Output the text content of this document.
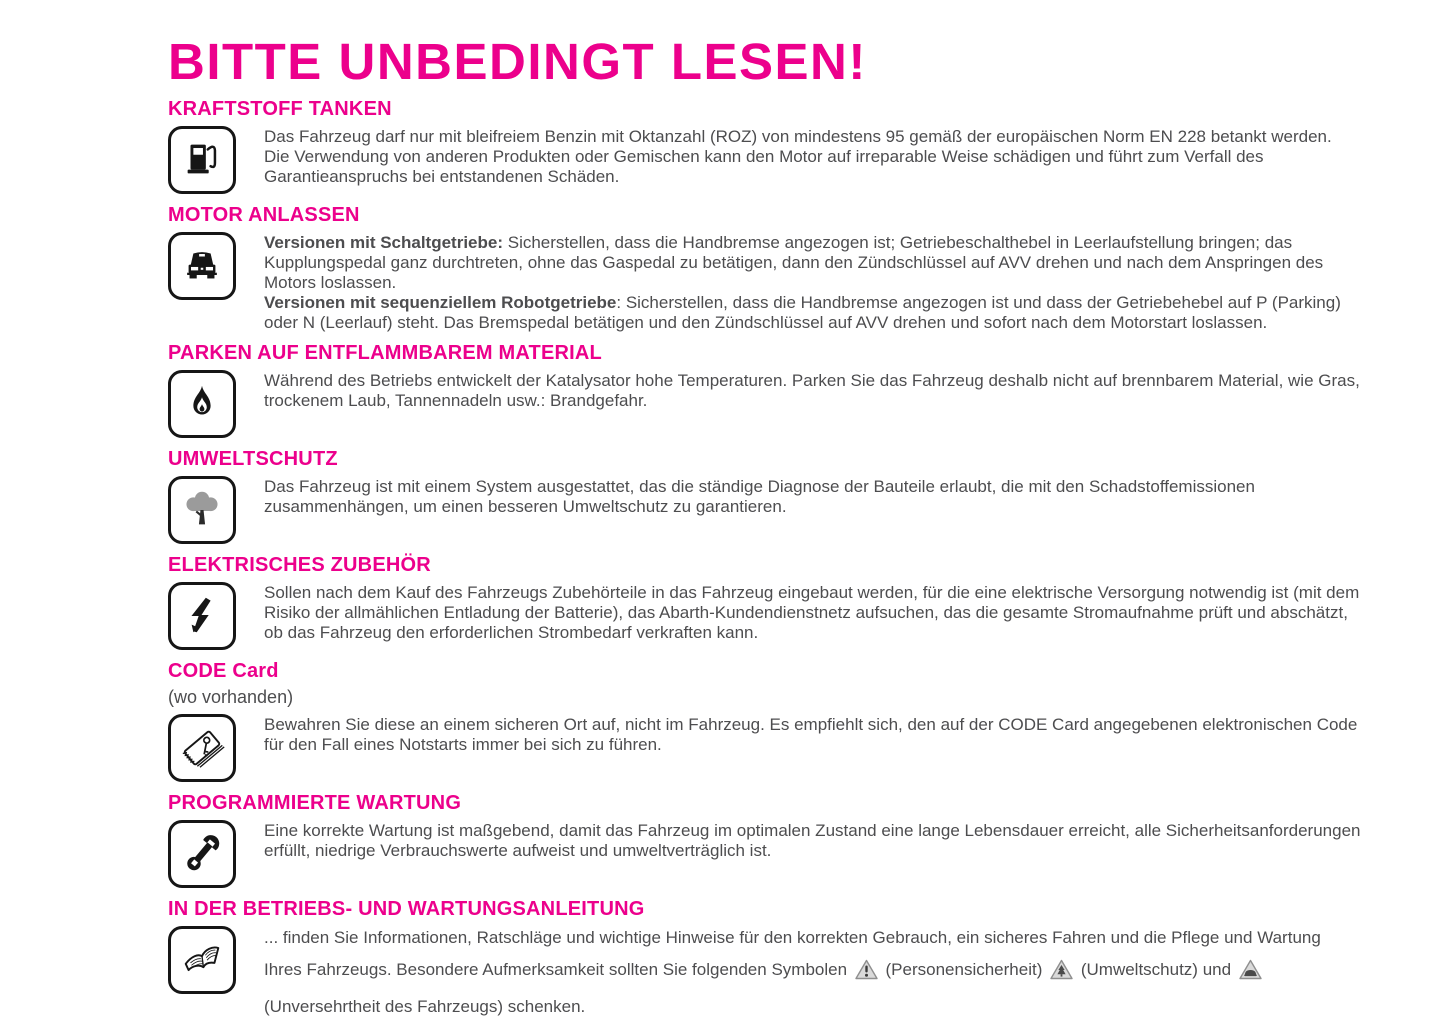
BITTE UNBEDINGT LESEN!
KRAFTSTOFF TANKEN
Das Fahrzeug darf nur mit bleifreiem Benzin mit Oktanzahl (ROZ) von mindestens 95 gemäß der europäischen Norm EN 228 betankt werden. Die Verwendung von anderen Produkten oder Gemischen kann den Motor auf irreparable Weise schädigen und führt zum Verfall des Garantieanspruchs bei entstandenen Schäden.
MOTOR ANLASSEN

Versionen mit Schaltgetriebe: Sicherstellen, dass die Handbremse angezogen ist; Getriebeschalthebel in Leerlaufstellung bringen; das Kupplungspedal ganz durchtreten, ohne das Gaspedal zu betätigen, dann den Zündschlüssel auf AVV drehen und nach dem Anspringen des Motors loslassen.

Versionen mit sequenziellem Robotgetriebe: Sicherstellen, dass die Handbremse angezogen ist und dass der Getriebehebel auf P (Parking) oder N (Leerlauf) steht. Das Bremspedal betätigen und den Zündschlüssel auf AVV drehen und sofort nach dem Motorstart loslassen.

PARKEN AUF ENTFLAMMBAREM MATERIAL
Während des Betriebs entwickelt der Katalysator hohe Temperaturen. Parken Sie das Fahrzeug deshalb nicht auf brennbarem Material, wie Gras, trockenem Laub, Tannennadeln usw.: Brandgefahr.
UMWELTSCHUTZ
Das Fahrzeug ist mit einem System ausgestattet, das die ständige Diagnose der Bauteile erlaubt, die mit den Schadstoffemissionen zusammenhängen, um einen besseren Umweltschutz zu garantieren.
ELEKTRISCHES ZUBEHÖR
Sollen nach dem Kauf des Fahrzeugs Zubehörteile in das Fahrzeug eingebaut werden, für die eine elektrische Versorgung notwendig ist (mit dem Risiko der allmählichen Entladung der Batterie), das Abarth-Kundendienstnetz aufsuchen, das die gesamte Stromaufnahme prüft und abschätzt, ob das Fahrzeug den erforderlichen Strombedarf verkraften kann.
CODE Card
(wo vorhanden)
Bewahren Sie diese an einem sicheren Ort auf, nicht im Fahrzeug. Es empfiehlt sich, den auf der CODE Card angegebenen elektronischen Code für den Fall eines Notstarts immer bei sich zu führen.
PROGRAMMIERTE WARTUNG
Eine korrekte Wartung ist maßgebend, damit das Fahrzeug im optimalen Zustand eine lange Lebensdauer erreicht, alle Sicherheitsanforderungen erfüllt, niedrige Verbrauchswerte aufweist und umweltverträglich ist.
IN DER BETRIEBS- UND WARTUNGSANLEITUNG
... finden Sie Informationen, Ratschläge und wichtige Hinweise für den korrekten Gebrauch, ein sicheres Fahren und die Pflege und Wartung Ihres Fahrzeugs. Besondere Aufmerksamkeit sollten Sie folgenden Symbolen (Personensicherheit) (Umweltschutz) und  (Unversehrtheit des Fahrzeugs) schenken.
